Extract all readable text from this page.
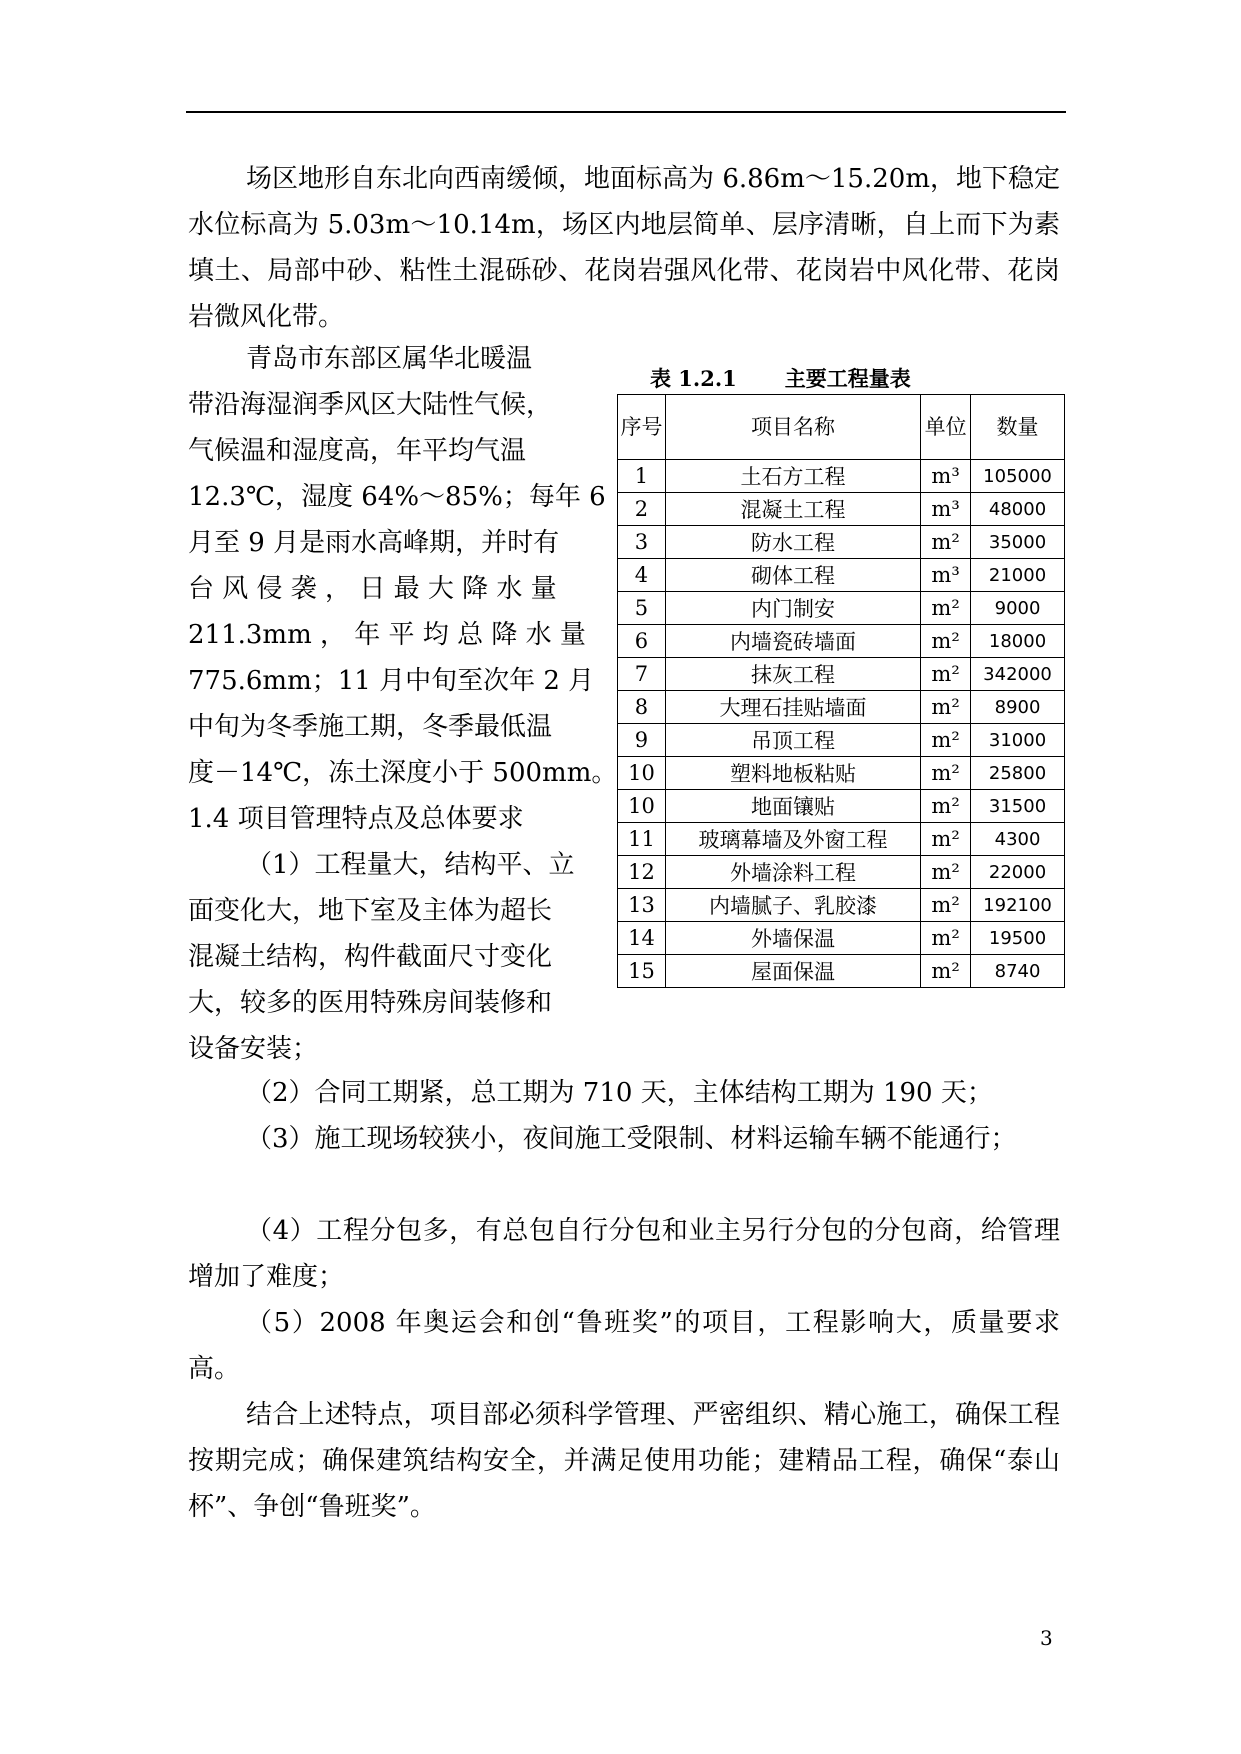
场区地形自东北向西南缓倾，地面标高为 6.86m～15.20m，地下稳定水位标高为 5.03m～10.14m，场区内地层简单、层序清晰，自上而下为素填土、局部中砂、粘性土混砾砂、花岗岩强风化带、花岗岩中风化带、花岗岩微风化带。

青岛市东部区属华北暖温
带沿海湿润季风区大陆性气候，
气候温和湿度高，年平均气温
12.3℃，湿度 64%～85%；每年 6
月至 9 月是雨水高峰期，并时有
台 风 侵 袭 ， 日 最 大 降 水 量
211.3mm ， 年 平 均 总 降 水 量
775.6mm；11 月中旬至次年 2 月
中旬为冬季施工期，冬季最低温
度－14℃，冻土深度小于 500mm。
1.4 项目管理特点及总体要求
（1）工程量大，结构平、立
面变化大，地下室及主体为超长
混凝土结构，构件截面尺寸变化
大，较多的医用特殊房间装修和
设备安装；
表 1.2.1 主要工程量表
序号	项目名称	单位	数量
1	土石方工程	m³	105000
2	混凝土工程	m³	48000
3	防水工程	m²	35000
4	砌体工程	m³	21000
5	内门制安	m²	9000
6	内墙瓷砖墙面	m²	18000
7	抹灰工程	m²	342000
8	大理石挂贴墙面	m²	8900
9	吊顶工程	m²	31000
10	塑料地板粘贴	m²	25800
10	地面镶贴	m²	31500
11	玻璃幕墙及外窗工程	m²	4300
12	外墙涂料工程	m²	22000
13	内墙腻子、乳胶漆	m²	192100
14	外墙保温	m²	19500
15	屋面保温	m²	8740

（2）合同工期紧，总工期为 710 天，主体结构工期为 190 天；

（3）施工现场较狭小，夜间施工受限制、材料运输车辆不能通行；

（4）工程分包多，有总包自行分包和业主另行分包的分包商，给管理增加了难度；

（5）2008 年奥运会和创“鲁班奖”的项目，工程影响大，质量要求高。

结合上述特点，项目部必须科学管理、严密组织、精心施工，确保工程按期完成；确保建筑结构安全，并满足使用功能；建精品工程，确保“泰山杯”、争创“鲁班奖”。

3
